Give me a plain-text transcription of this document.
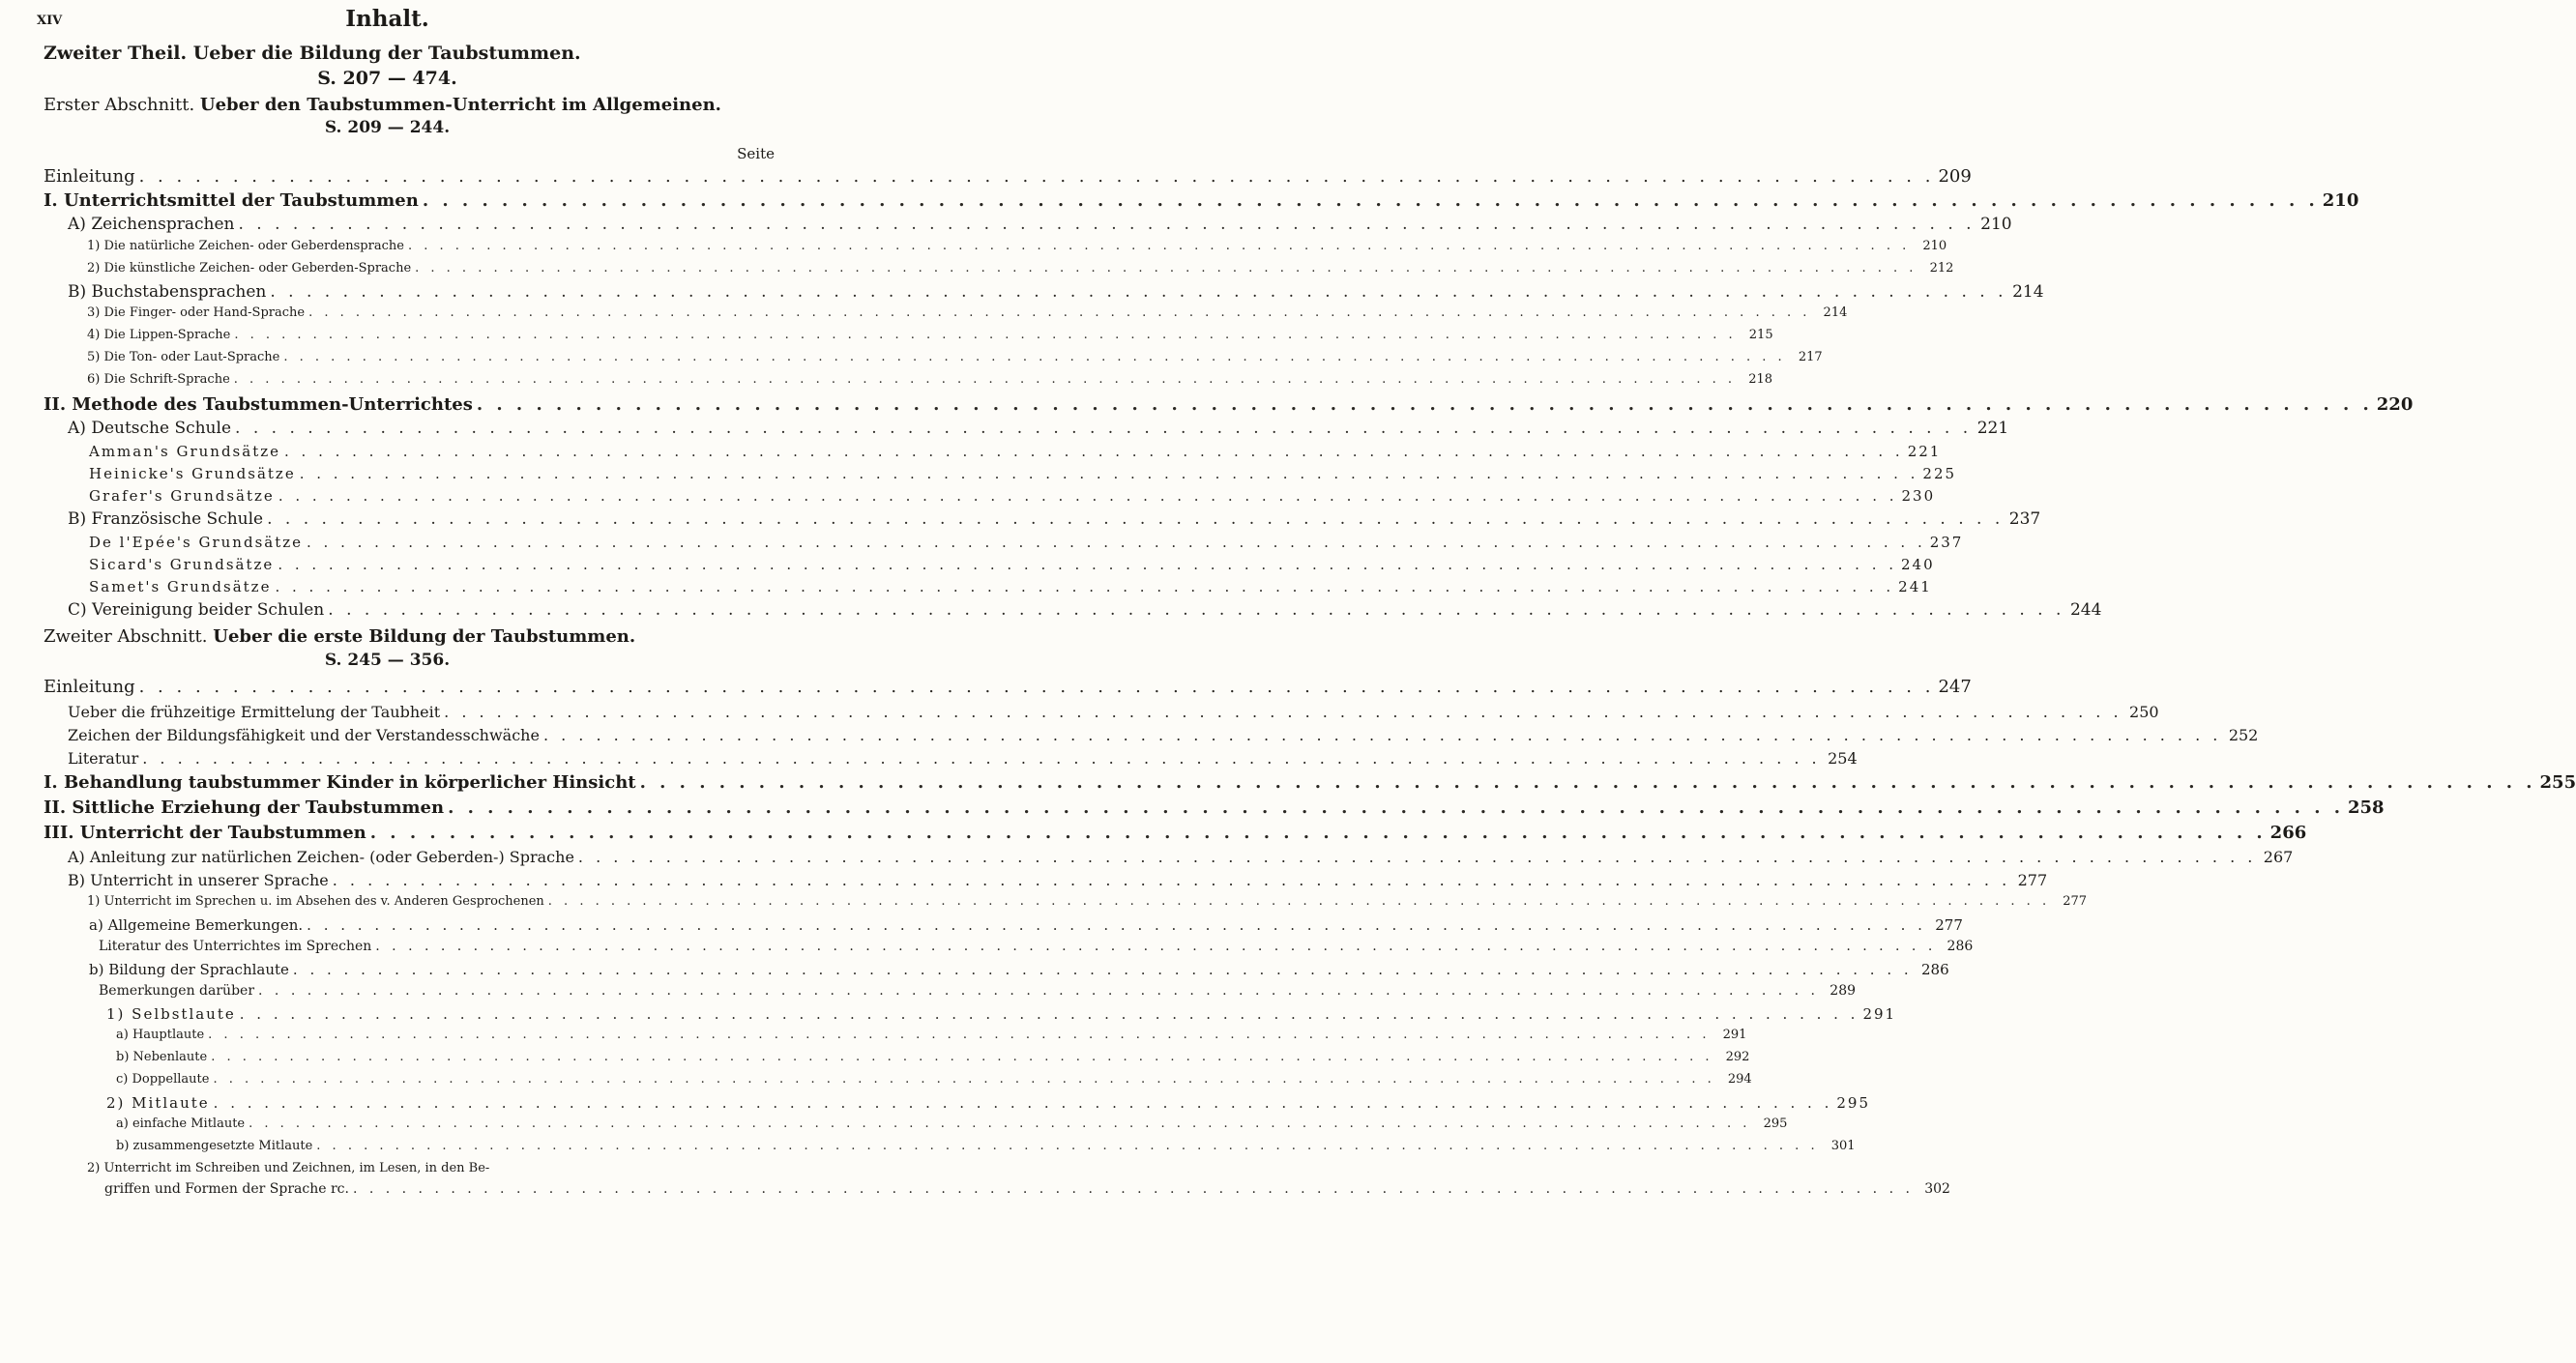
XIV	Inhalt.
Zweiter Theil. Ueber die Bildung der Taubstummen.
S. 207 — 474.
Erster Abschnitt. Ueber den Taubstummen-Unterricht im Allgemeinen.
S. 209 — 244.
Seite
Einleitung . . .	209
I. Unterrichtsmittel der Taubstummen . . .	210
A) Zeichensprachen . . .	210
1) Die natürliche Zeichen- oder Geberdensprache . . .	210
2) Die künstliche Zeichen- oder Geberden-Sprache . . .	212
B) Buchstabensprachen . . .	214
3) Die Finger- oder Hand-Sprache . . .	214
4) Die Lippen-Sprache . . .	215
5) Die Ton- oder Laut-Sprache . . .	217
6) Die Schrift-Sprache . . .	218
II. Methode des Taubstummen-Unterrichtes . . .	220
A) Deutsche Schule . . .	221
Amman's Grundsätze . . .	221
Heinicke's Grundsätze . . .	225
Grafer's Grundsätze . . .	230
B) Französische Schule . . .	237
De l'Epée's Grundsätze . . .	237
Sicard's Grundsätze . . .	240
Samet's Grundsätze . . .	241
C) Vereinigung beider Schulen . . .	244
Zweiter Abschnitt. Ueber die erste Bildung der Taubstummen.
S. 245 — 356.
Einleitung . . .	247
Ueber die frühzeitige Ermittelung der Taubheit . . .	250
Zeichen der Bildungsfähigkeit und der Verstandesschwäche . . .	252
Literatur . . .	254
I. Behandlung taubstummer Kinder in körperlicher Hinsicht . . .	255
II. Sittliche Erziehung der Taubstummen . . .	258
III. Unterricht der Taubstummen . . .	266
A) Anleitung zur natürlichen Zeichen- (oder Geberden-) Sprache . . .	267
B) Unterricht in unserer Sprache . . .	277
1) Unterricht im Sprechen u. im Absehen des v. Anderen Gesprochenen . . .	277
a) Allgemeine Bemerkungen. . . .	277
Literatur des Unterrichtes im Sprechen . . .	286
b) Bildung der Sprachlaute . . .	286
Bemerkungen darüber . . .	289
1) Selbstlaute . . .	291
a) Hauptlaute . . .	291
b) Nebenlaute . . .	292
c) Doppellaute . . .	294
2) Mitlaute . . .	295
a) einfache Mitlaute . . .	295
b) zusammengesetzte Mitlaute . . .	301
2) Unterricht im Schreiben und Zeichnen, im Lesen, in den Be-
griffen und Formen der Sprache rc. . . .	302
